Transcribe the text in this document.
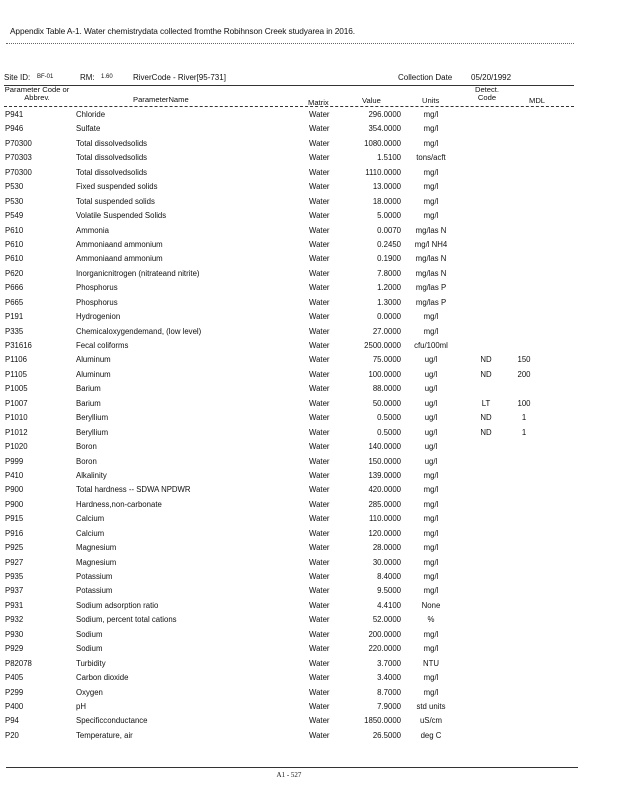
Appendix Table A-1. Water chemistrydata collected fromthe Robihnson Creek studyarea in 2016.
Site ID: BF-01	RM: 1.60	RiverCode - River[95-731]	Collection Date 05/20/1992
Parameter Code or Abbrev.	ParameterName	Matrix	Value	Units
Detect. Code	MDL
P941	Chloride	Water	296.0000	mg/l
P946	Sulfate	Water	354.0000	mg/l
P70300	Total dissolvedsolids	Water	1080.0000	mg/l
P70303	Total dissolvedsolids	Water	1.5100	tons/acft
P70300	Total dissolvedsolids	Water	1110.0000	mg/l
P530	Fixed suspended solids	Water	13.0000	mg/l
P530	Total suspended solids	Water	18.0000	mg/l
P549	Volatile Suspended Solids	Water	5.0000	mg/l
P610	Ammonia	Water	0.0070	mg/las N
P610	Ammoniaand ammonium	Water	0.2450	mg/l NH4
P610	Ammoniaand ammonium	Water	0.1900	mg/las N
P620	Inorganicnitrogen (nitrateand nitrite)	Water	7.8000	mg/las N
P666	Phosphorus	Water	1.2000	mg/las P
P665	Phosphorus	Water	1.3000	mg/las P
P191	Hydrogenion	Water	0.0000	mg/l
P335	Chemicaloxygendemand, (low level)	Water	27.0000	mg/l
P31616	Fecal coliforms	Water	2500.0000	cfu/100ml
P1106	Aluminum	Water	75.0000	ug/l	ND	150
P1105	Aluminum	Water	100.0000	ug/l	ND	200
P1005	Barium	Water	88.0000	ug/l
P1007	Barium	Water	50.0000	ug/l	LT	100
P1010	Beryllium	Water	0.5000	ug/l	ND	1
P1012	Beryllium	Water	0.5000	ug/l	ND	1
P1020	Boron	Water	140.0000	ug/l
P999	Boron	Water	150.0000	ug/l
P410	Alkalinity	Water	139.0000	mg/l
P900	Total hardness -- SDWA NPDWR	Water	420.0000	mg/l
P900	Hardness,non-carbonate	Water	285.0000	mg/l
P915	Calcium	Water	110.0000	mg/l
P916	Calcium	Water	120.0000	mg/l
P925	Magnesium	Water	28.0000	mg/l
P927	Magnesium	Water	30.0000	mg/l
P935	Potassium	Water	8.4000	mg/l
P937	Potassium	Water	9.5000	mg/l
P931	Sodium adsorption ratio	Water	4.4100	None
P932	Sodium, percent total cations	Water	52.0000	%
P930	Sodium	Water	200.0000	mg/l
P929	Sodium	Water	220.0000	mg/l
P82078	Turbidity	Water	3.7000	NTU
P405	Carbon dioxide	Water	3.4000	mg/l
P299	Oxygen	Water	8.7000	mg/l
P400	pH	Water	7.9000	std units
P94	Specificconductance	Water	1850.0000	uS/cm
P20	Temperature, air	Water	26.5000	deg C
A1 - 527
